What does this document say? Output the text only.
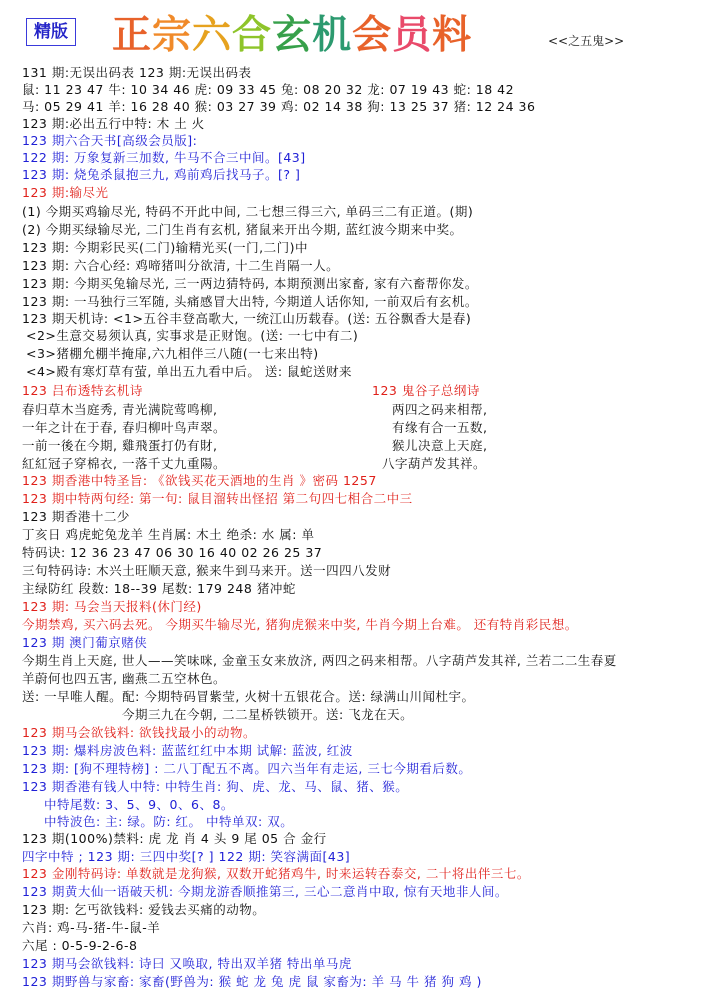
精版 正宗六合玄机会员料	<<之五鬼>>
131 期:无误出码表 123 期:无误出码表
鼠: 11 23 47 牛: 10 34 46 虎: 09 33 45 兔: 08 20 32 龙: 07 19 43 蛇: 18 42
马: 05 29 41 羊: 16 28 40 猴: 03 27 39 鸡: 02 14 38 狗: 13 25 37 猪: 12 24 36
123 期:必出五行中特: 木 土 火
123 期六合天书[高级会员版]:
122 期: 万象复新三加数, 牛马不合三中间。[43]
123 期: 烧兔杀鼠抱三九, 鸡前鸡后找马子。[? ]
123 期:输尽光
(1) 今期买鸡输尽光, 特码不开此中间, 二七想三得三六, 单码三二有正道。(期)
(2) 今期买绿输尽光, 二门生肖有玄机, 猪鼠来开出今期, 蓝红波今期来中奖。
123 期: 今期彩民买(二门)输精光买(一门,二门)中
123 期: 六合心经: 鸡啼猪叫分欲清, 十二生肖隔一人。
123 期: 今期买兔输尽光, 三一两边猜特码, 本期预测出家畜, 家有六畜帮你发。
123 期: 一马独行三军随, 头痛感冒大出特, 今期道人话你知, 一前双后有玄机。
123 期天机诗: <1>五谷丰登高歌大, 一统江山历载春。(送: 五谷飘香大是春)
<2>生意交易须认真, 实事求是正财饱。(送: 一七中有二)
<3>猪棚允棚半掩扉,六九相伴三八随(一七来出特)
<4>殿有寒灯草有萤, 单出五九看中后。 送: 鼠蛇送财来
123 吕布透特玄机诗
春归草木当庭秀, 青光满院莺鸣柳,
一年之计在于春, 春归柳叶鸟声翠。
一前一後在今期, 雞飛蛋打仍有財,
紅紅冠子穿棉衣, 一落千丈九重陽。
123 期香港中特圣旨: 《欲钱买花天酒地的生肖 》密码 1257
123 期中特两句经: 第一句: 鼠目溜转出怪招 第二句四七相合二中三
123 期香港十二少
丁亥日 鸡虎蛇兔龙羊 生肖属: 木土 绝杀: 水 属: 单
特码诀: 12 36 23 47 06 30 16 40 02 26 25 37
三句特码诗: 木兴土旺顺天意, 猴来牛到马来开。送一四四八发财
主绿防红 段数: 18--39 尾数: 179 248 猪冲蛇
123 期: 马会当天报料(休门经)
今期禁鸡, 买六码去死。 今期买牛输尽光, 猪狗虎猴来中奖, 牛肖今期上台难。 还有特肖彩民想。
123 期 澳门葡京赌侠
今期生肖上天庭, 世人——笑味咪, 金童玉女来放济, 两四之码来相帮。八字葫芦发其祥, 兰若二二生春夏
羊蔚何也四五害, 幽燕二五空林色。
送: 一早唯人醒。配: 今期特码冒紫莹, 火树十五银花合。送: 绿满山川闻杜宇。
今期三九在今朝, 二二星桥铁锁开。送: 飞龙在天。
123 期马会欲钱料: 欲钱找最小的动物。
123 期: 爆料房波色料: 蓝蓝红红中本期 试解: 蓝波, 红波
123 期: [狗不理特榜] : 二八丁配五不离。四六当年有走运, 三七今期看后数。
123 期香港有钱人中特: 中特生肖: 狗、虎、龙、马、鼠、猪、猴。
中特尾数: 3、5、9、0、6、8。
中特波色: 主: 绿。防: 红。 中特单双: 双。
123 期(100%)禁料: 虎 龙 肖 4 头 9 尾 05 合 金行
四字中特 ; 123 期: 三四中奖[? ] 122 期: 笑容满面[43]
123 金刚特码诗: 单数就是龙狗猴, 双数开蛇猪鸡牛, 时来运转吞泰交, 二十将出伴三七。
123 期黄大仙一语破天机: 今期龙游香顺推第三, 三心二意肖中取, 惊有天地非人间。
123 期: 乞丐欲钱料: 爱钱去买痛的动物。
六肖: 鸡-马-猪-牛-鼠-羊
六尾 : 0-5-9-2-6-8
123 期马会欲钱料: 诗曰 又唤取, 特出双羊猪 特出单马虎
123 期野兽与家畜: 家畜(野兽为: 猴 蛇 龙 兔 虎 鼠 家畜为: 羊 马 牛 猪 狗 鸡 )
123 鬼谷子总纲诗
两四之码来相帮,
有缘有合一五数,
猴儿决意上天庭,
八字葫芦发其祥。
